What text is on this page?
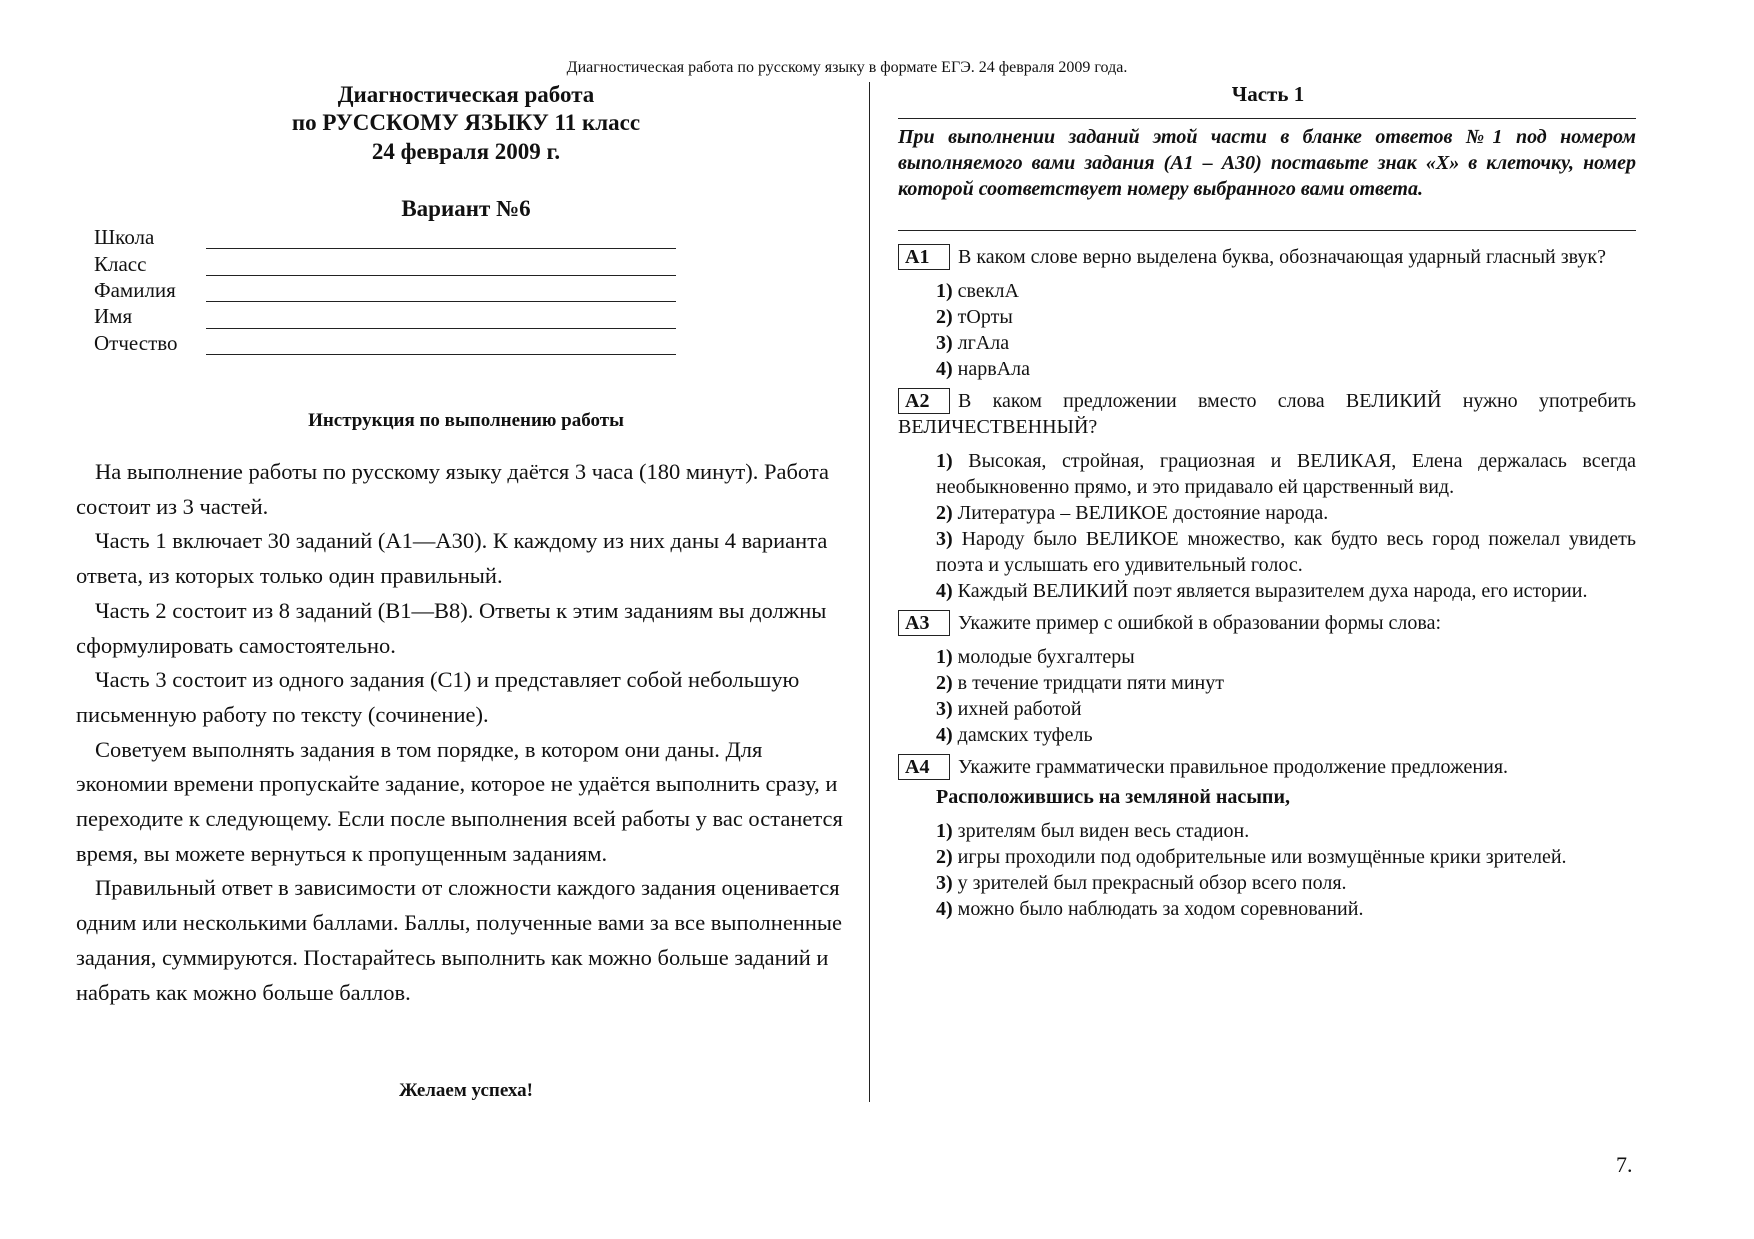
Диагностическая работа по русскому языку в формате ЕГЭ. 24 февраля 2009 года.
Диагностическая работа
по РУССКОМУ ЯЗЫКУ 11 класс
24 февраля 2009 г.
Вариант №6
Школа
Класс
Фамилия
Имя
Отчество
Инструкция по выполнению работы

На выполнение работы по русскому языку даётся 3 часа (180 минут). Работа состоит из 3 частей.

Часть 1 включает 30 заданий (А1—А30). К каждому из них даны 4 варианта ответа, из которых только один правильный.

Часть 2 состоит из 8 заданий (В1—В8). Ответы к этим заданиям вы должны сформулировать самостоятельно.

Часть 3 состоит из одного задания (С1) и представляет собой небольшую письменную работу по тексту (сочинение).

Советуем выполнять задания в том порядке, в котором они даны. Для экономии времени пропускайте задание, которое не удаётся выполнить сразу, и переходите к следующему. Если после выполнения всей работы у вас останется время, вы можете вернуться к пропущенным заданиям.

Правильный ответ в зависимости от сложности каждого задания оценивается одним или несколькими баллами. Баллы, полученные вами за все выполненные задания, суммируются. Постарайтесь выполнить как можно больше заданий и набрать как можно больше баллов.

Желаем успеха!
Часть 1
При выполнении заданий этой части в бланке ответов №1 под номером выполняемого вами задания (А1 – А30) поставьте знак «Х» в клеточку, номер которой соответствует номеру выбранного вами ответа.
А1 В каком слове верно выделена буква, обозначающая ударный гласный звук?
1) свеклА
2) тОрты
3) лгАла
4) нарвАла
А2 В каком предложении вместо слова ВЕЛИКИЙ нужно употребить ВЕЛИЧЕСТВЕННЫЙ?
1) Высокая, стройная, грациозная и ВЕЛИКАЯ, Елена держалась всегда необыкновенно прямо, и это придавало ей царственный вид.
2) Литература – ВЕЛИКОЕ достояние народа.
3) Народу было ВЕЛИКОЕ множество, как будто весь город пожелал увидеть поэта и услышать его удивительный голос.
4) Каждый ВЕЛИКИЙ поэт является выразителем духа народа, его истории.
А3 Укажите пример с ошибкой в образовании формы слова:
1) молодые бухгалтеры
2) в течение тридцати пяти минут
3) ихней работой
4) дамских туфель
А4 Укажите грамматически правильное продолжение предложения.
Расположившись на земляной насыпи,
1) зрителям был виден весь стадион.
2) игры проходили под одобрительные или возмущённые крики зрителей.
3) у зрителей был прекрасный обзор всего поля.
4) можно было наблюдать за ходом соревнований.
7.
